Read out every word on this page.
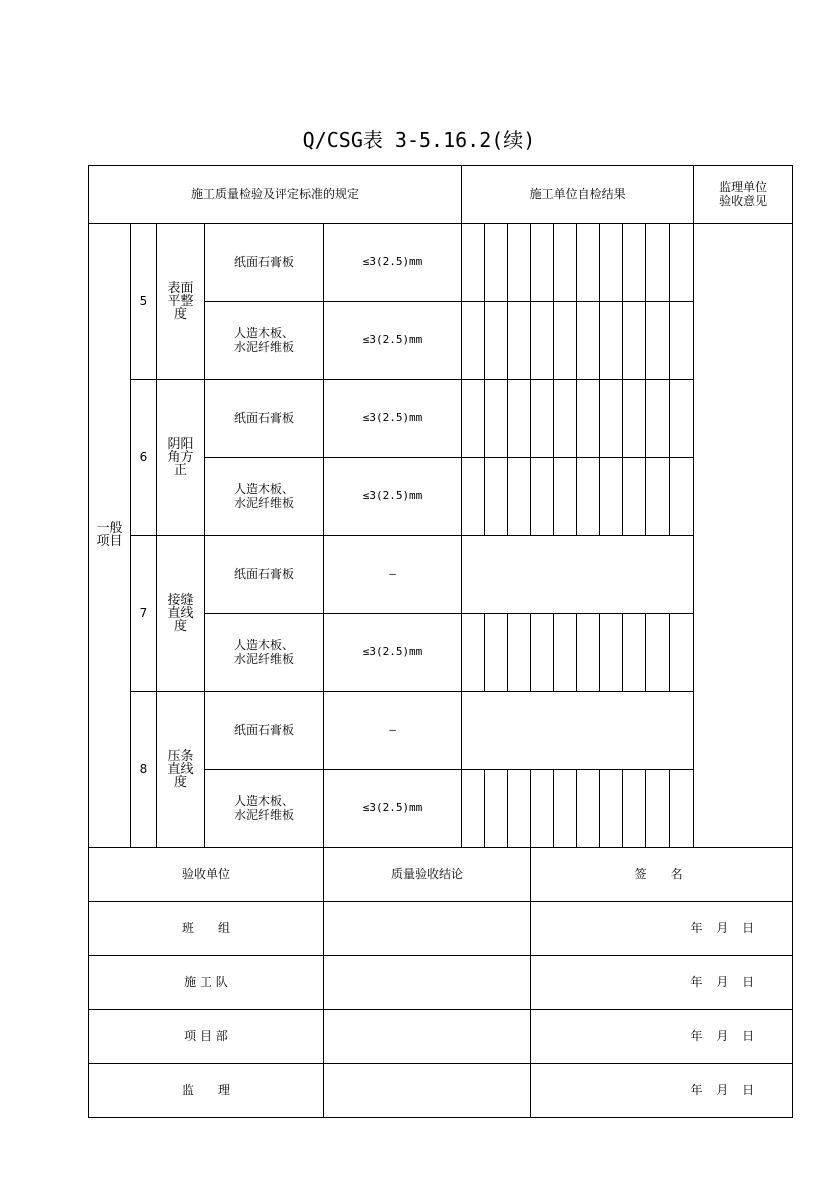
Q/CSG表 3-5.16.2(续)
施工质量检验及评定标准的规定					施工单位自检结果										监理单位验收意见
一般项目	5	表面平整度	纸面石膏板	≤3(2.5)mm											
			人造木板、水泥纤维板	≤3(2.5)mm											
	6	阴阳角方正	纸面石膏板	≤3(2.5)mm											
			人造木板、水泥纤维板	≤3(2.5)mm											
	7	接缝直线度	纸面石膏板	–											
			人造木板、水泥纤维板	≤3(2.5)mm											
	8	压条直线度	纸面石膏板	–											
			人造木板、水泥纤维板	≤3(2.5)mm											
验收单位				质量验收结论				签　名							
班　　组								年 月 日							
施 工 队								年 月 日							
项 目 部								年 月 日							
监　　理								年 月 日							
